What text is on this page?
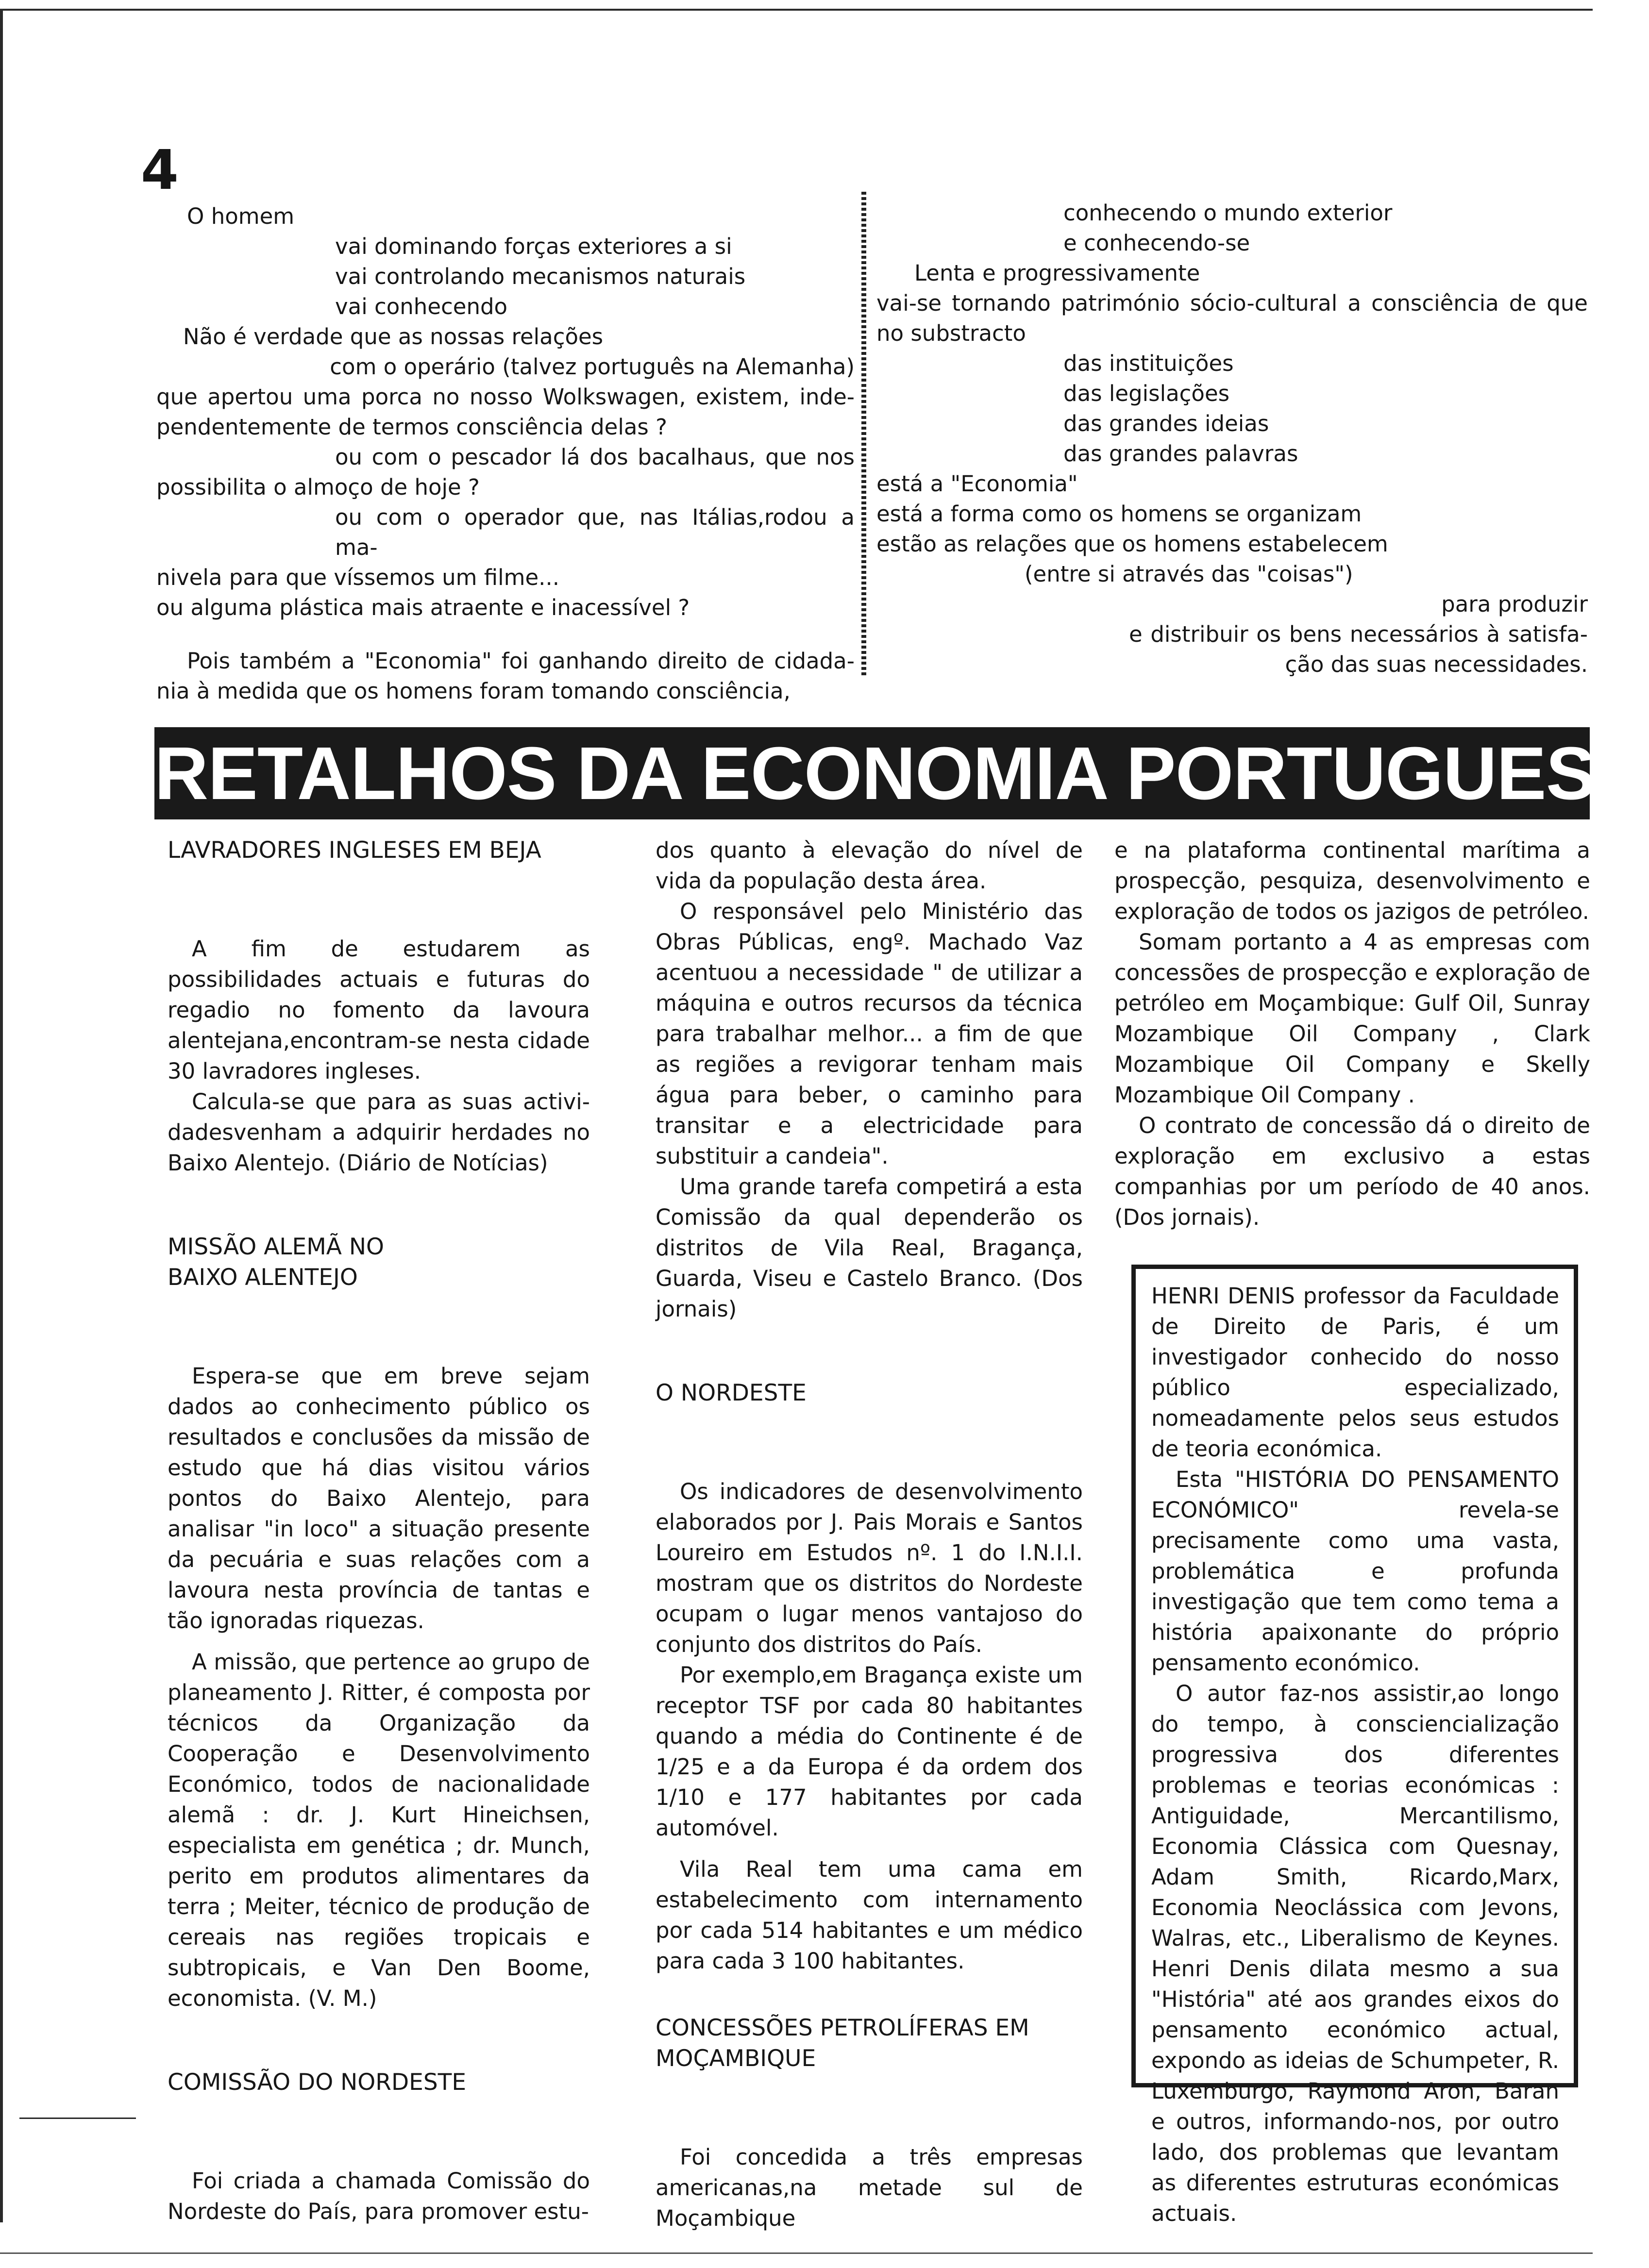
4

O homem

vai dominando forças exteriores a si

vai controlando mecanismos naturais

vai conhecendo

Não é verdade que as nossas relações

com o operário (talvez português na Alemanha)

que apertou uma porca no nosso Wolkswagen, existem, inde-

pendentemente de termos consciência delas ?

ou com o pescador lá dos bacalhaus, que nos

possibilita o almoço de hoje ?

ou com o operador que, nas Itálias,rodou a ma-

nivela para que víssemos um filme...

ou alguma plástica mais atraente e inacessível ?

Pois também a "Economia" foi ganhando direito de cidada-

nia à medida que os homens foram tomando consciência,

conhecendo o mundo exterior

e conhecendo-se

Lenta e progressivamente

vai-se tornando património sócio-cultural a consciência de que

no substracto

das instituições

das legislações

das grandes ideias

das grandes palavras

está a "Economia"

está a forma como os homens se organizam

estão as relações que os homens estabelecem

(entre si através das "coisas")

para produzir

e distribuir os bens necessários à satisfa-

ção das suas necessidades.

RETALHOS DA ECONOMIA PORTUGUESA

LAVRADORES INGLESES EM BEJA

A fim de estudarem as possibilidades actuais e futuras do regadio no fomento da lavoura alentejana,encontram-se nesta cidade 30 lavradores ingleses.

Calcula-se que para as suas actividadesvenham a adquirir herdades no Baixo Alentejo. (Diário de Notícias)

MISSÃO ALEMÃ NO

BAIXO ALENTEJO

Espera-se que em breve sejam dados ao conhecimento público os resultados e conclusões da missão de estudo que há dias visitou vários pontos do Baixo Alentejo, para analisar "in loco" a situação presente da pecuária e suas relações com a lavoura nesta província de tantas e tão ignoradas riquezas.

A missão, que pertence ao grupo de planeamento J. Ritter, é composta por técnicos da Organização da Cooperação e Desenvolvimento Económico, todos de nacionalidade alemã : dr. J. Kurt Hineichsen, especialista em genética ; dr. Munch, perito em produtos alimentares da terra ; Meiter, técnico de produção de cereais nas regiões tropicais e subtropicais, e Van Den Boome, economista. (V. M.)

COMISSÃO DO NORDESTE

Foi criada a chamada Comissão do Nordeste do País, para promover estu-

dos quanto à elevação do nível de vida da população desta área.

O responsável pelo Ministério das Obras Públicas, engº. Machado Vaz acentuou a necessidade " de utilizar a máquina e outros recursos da técnica para trabalhar melhor... a fim de que as regiões a revigorar tenham mais água para beber, o caminho para transitar e a electricidade para substituir a candeia".

Uma grande tarefa competirá a esta Comissão da qual dependerão os distritos de Vila Real, Bragança, Guarda, Viseu e Castelo Branco. (Dos jornais)

O NORDESTE

Os indicadores de desenvolvimento elaborados por J. Pais Morais e Santos Loureiro em Estudos nº. 1 do I.N.I.I. mostram que os distritos do Nordeste ocupam o lugar menos vantajoso do conjunto dos distritos do País.

Por exemplo,em Bragança existe um receptor TSF por cada 80 habitantes quando a média do Continente é de 1/25 e a da Europa é da ordem dos 1/10 e 177 habitantes por cada automóvel.

Vila Real tem uma cama em estabelecimento com internamento por cada 514 habitantes e um médico para cada 3 100 habitantes.

CONCESSÕES PETROLÍFERAS EM MOÇAMBIQUE

Foi concedida a três empresas americanas,na metade sul de Moçambique

e na plataforma continental marítima a prospecção, pesquiza, desenvolvimento e exploração de todos os jazigos de petróleo.

Somam portanto a 4 as empresas com concessões de prospecção e exploração de petróleo em Moçambique: Gulf Oil, Sunray Mozambique Oil Company , Clark Mozambique Oil Company e Skelly Mozambique Oil Company .

O contrato de concessão dá o direito de exploração em exclusivo a estas companhias por um período de 40 anos. (Dos jornais).

HENRI DENIS professor da Faculdade de Direito de Paris, é um investigador conhecido do nosso público especializado, nomeadamente pelos seus estudos de teoria económica.

Esta "HISTÓRIA DO PENSAMENTO ECONÓMICO" revela-se precisamente como uma vasta, problemática e profunda investigação que tem como tema a história apaixonante do próprio pensamento económico.

O autor faz-nos assistir,ao longo do tempo, à consciencialização progressiva dos diferentes problemas e teorias económicas : Antiguidade, Mercantilismo, Economia Clássica com Quesnay, Adam Smith, Ricardo,Marx, Economia Neoclássica com Jevons, Walras, etc., Liberalismo de Keynes. Henri Denis dilata mesmo a sua "História" até aos grandes eixos do pensamento económico actual, expondo as ideias de Schumpeter, R. Luxemburgo, Raymond Aron, Baran e outros, informando-nos, por outro lado, dos problemas que levantam as diferentes estruturas económicas actuais.
